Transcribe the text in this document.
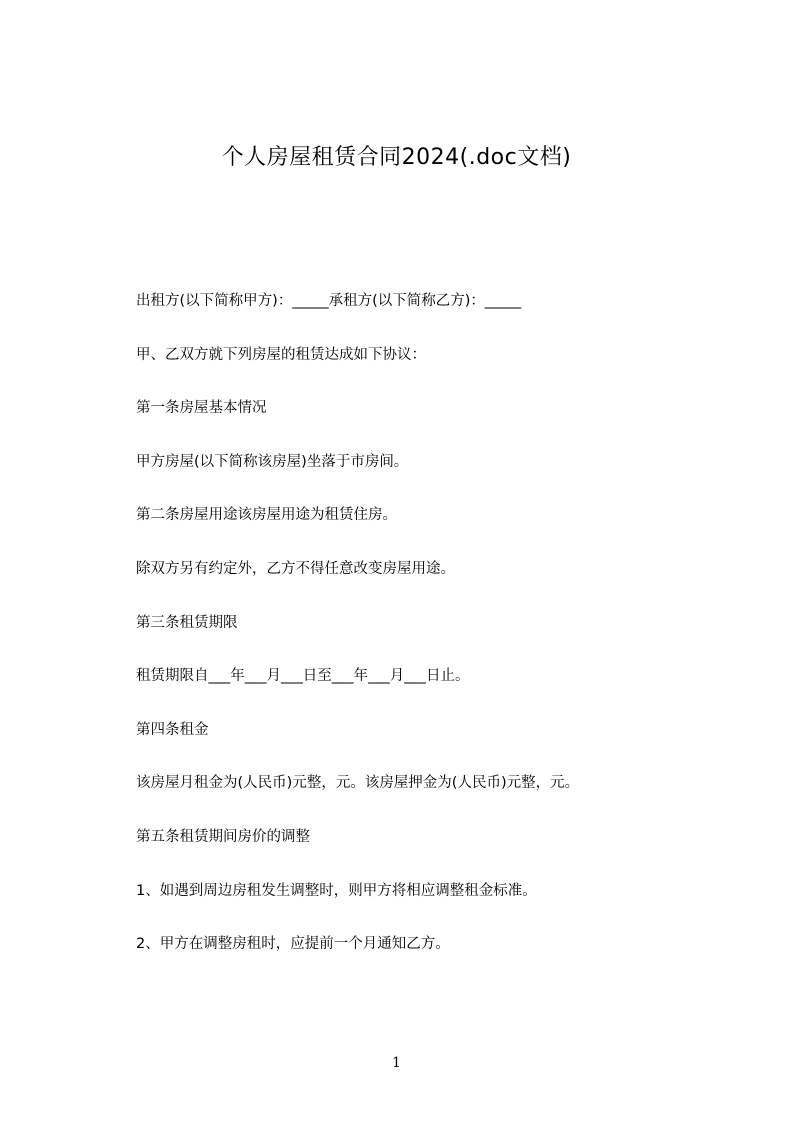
个人房屋租赁合同2024(.doc文档)

出租方(以下简称甲方)：_____承租方(以下简称乙方)：_____

甲、乙双方就下列房屋的租赁达成如下协议：

第一条房屋基本情况

甲方房屋(以下简称该房屋)坐落于市房间。

第二条房屋用途该房屋用途为租赁住房。

除双方另有约定外，乙方不得任意改变房屋用途。

第三条租赁期限

租赁期限自___年___月___日至___年___月___日止。

第四条租金

该房屋月租金为(人民币)元整，元。该房屋押金为(人民币)元整，元。

第五条租赁期间房价的调整

1、如遇到周边房租发生调整时，则甲方将相应调整租金标准。

2、甲方在调整房租时，应提前一个月通知乙方。

1
